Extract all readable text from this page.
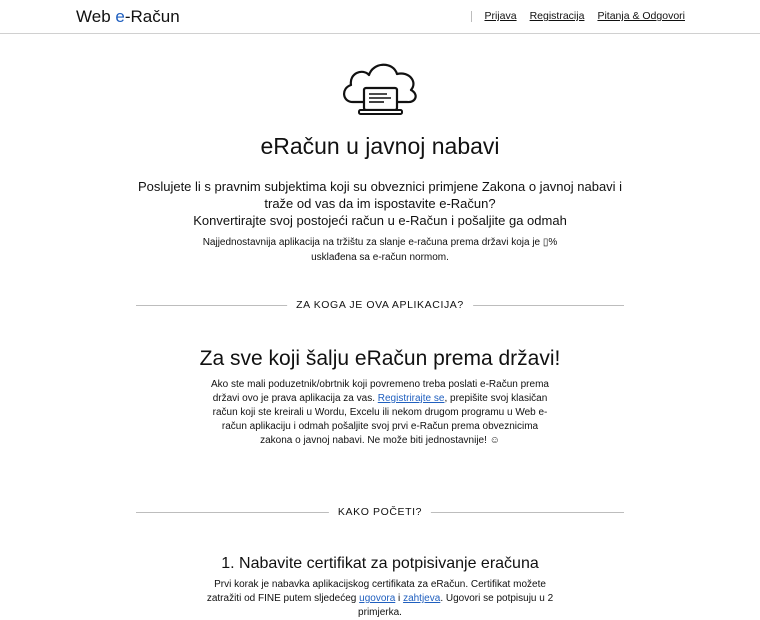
Web e-Račun	Prijava Registracija Pitanja & Odgovori
eRačun u javnoj nabavi

Poslujete li s pravnim subjektima koji su obveznici primjene Zakona o javnoj nabavi i traže od vas da im ispostavite e-Račun?

Konvertirajte svoj postojeći račun u e-Račun i pošaljite ga odmah

Najjednostavnija aplikacija na tržištu za slanje e-računa prema državi koja je ▯% usklađena sa e-račun normom.
ZA KOGA JE OVA APLIKACIJA?
Za sve koji šalju eRačun prema državi!
Ako ste mali poduzetnik/obrtnik koji povremeno treba poslati e-Račun prema državi ovo je prava aplikacija za vas. Registrirajte se, prepišite svoj klasičan račun koji ste kreirali u Wordu, Excelu ili nekom drugom programu u Web e-račun aplikaciju i odmah pošaljite svoj prvi e-Račun prema obveznicima zakona o javnoj nabavi. Ne može biti jednostavnije! ☺
KAKO POČETI?
1. Nabavite certifikat za potpisivanje eračuna
Prvi korak je nabavka aplikacijskog certifikata za eRačun. Certifikat možete zatražiti od FINE putem sljedećeg ugovora i zahtjeva. Ugovori se potpisuju u 2 primjerka.
